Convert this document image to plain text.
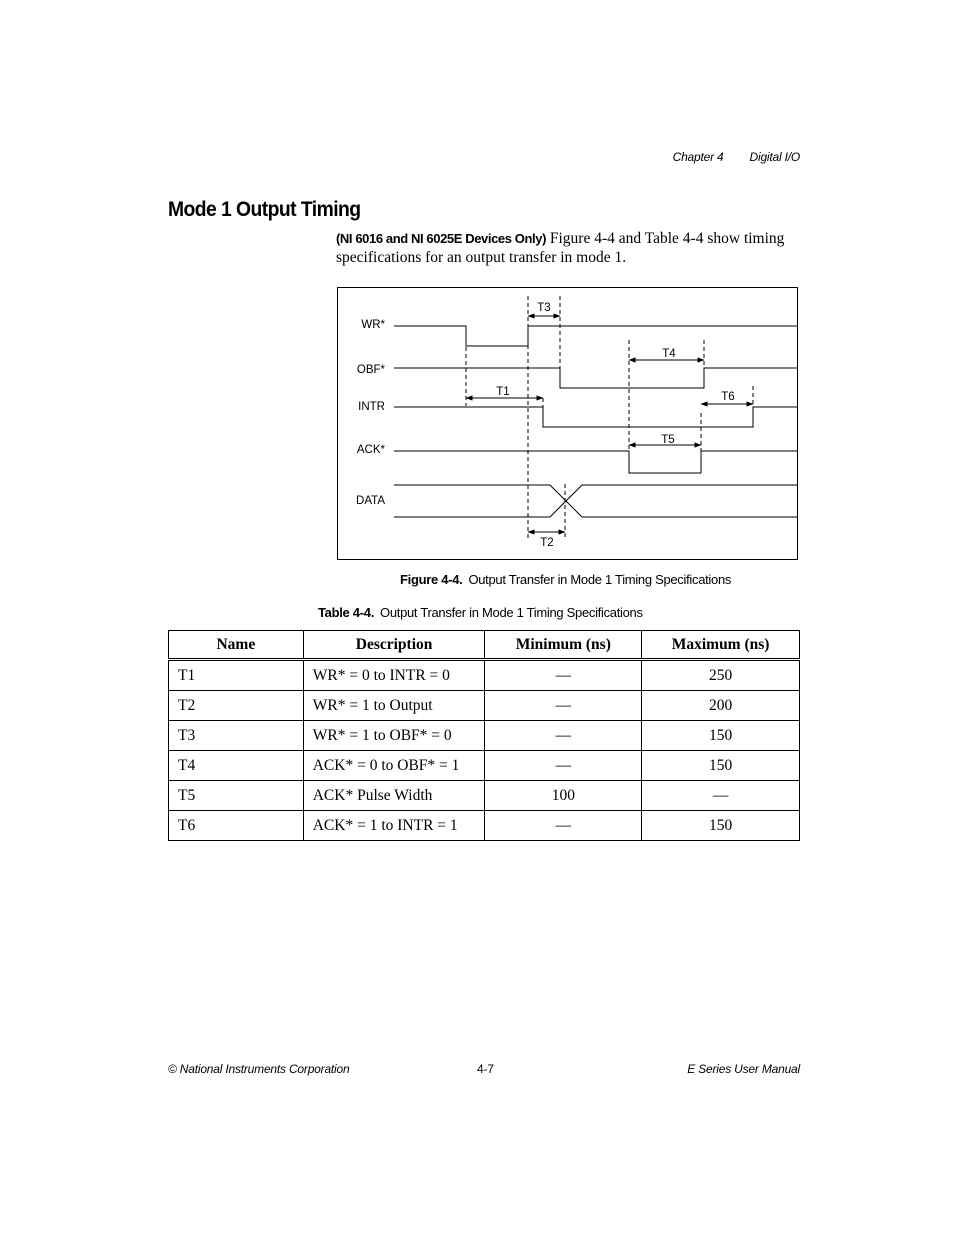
Chapter 4 Digital I/O
Mode 1 Output Timing
(NI 6016 and NI 6025E Devices Only) Figure 4-4 and Table 4-4 show timing specifications for an output transfer in mode 1.
WR*
OBF*
INTR
ACK*
DATA
T1
T2
T3
T4
T5
T6
Figure 4-4. Output Transfer in Mode 1 Timing Specifications
Table 4-4. Output Transfer in Mode 1 Timing Specifications
Name	Description	Minimum (ns)	Maximum (ns)
T1	WR* = 0 to INTR = 0	—	250
T2	WR* = 1 to Output	—	200
T3	WR* = 1 to OBF* = 0	—	150
T4	ACK* = 0 to OBF* = 1	—	150
T5	ACK* Pulse Width	100	—
T6	ACK* = 1 to INTR = 1	—	150
© National Instruments Corporation	4-7	E Series User Manual
